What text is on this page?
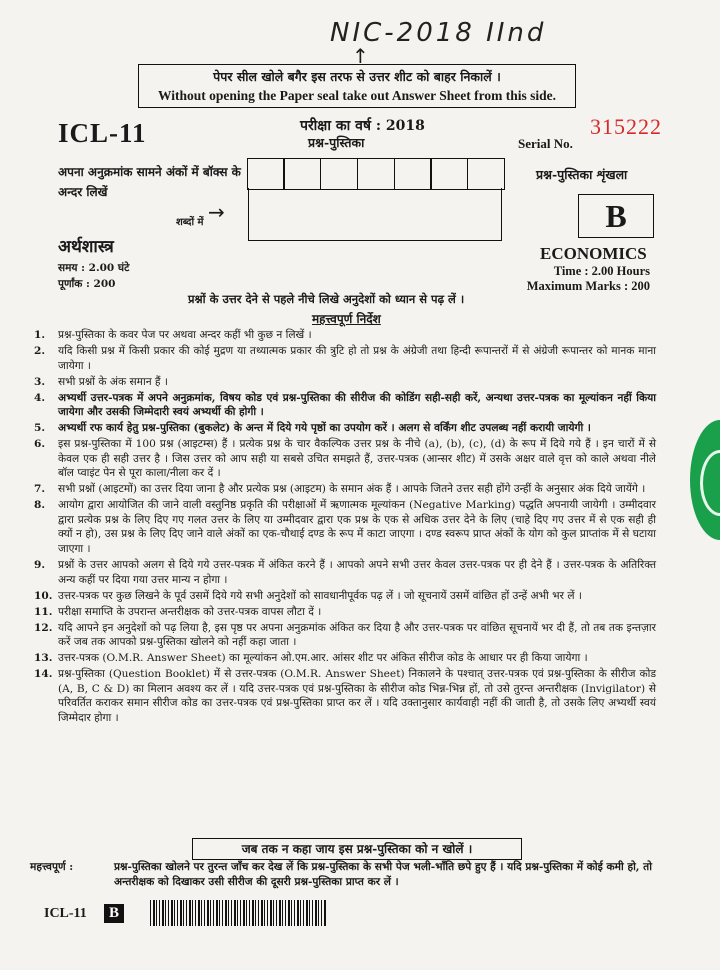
NIC-2018 IInd
↑
पेपर सील खोले बगैर इस तरफ से उत्तर शीट को बाहर निकालें ।
Without opening the Paper seal take out Answer Sheet from this side.
ICL-11	परीक्षा का वर्ष : 2018
प्रश्न-पुस्तिका	Serial No.
315222
अपना अनुक्रमांक सामने अंकों में बॉक्स के अन्दर लिखें
शब्दों में →
प्रश्न-पुस्तिका शृंखला
B
अर्थशास्त्र
समय : 2.00 घंटे
पूर्णांक : 200
ECONOMICS
Time : 2.00 Hours
Maximum Marks : 200
प्रश्नों के उत्तर देने से पहले नीचे लिखे अनुदेशों को ध्यान से पढ़ लें ।
महत्त्वपूर्ण निर्देश
1.	प्रश्न-पुस्तिका के कवर पेज पर अथवा अन्दर कहीं भी कुछ न लिखें ।
2.	यदि किसी प्रश्न में किसी प्रकार की कोई मुद्रण या तथ्यात्मक प्रकार की त्रुटि हो तो प्रश्न के अंग्रेजी तथा हिन्दी रूपान्तरों में से अंग्रेजी रूपान्तर को मानक माना जायेगा ।
3.	सभी प्रश्नों के अंक समान हैं ।
4.	अभ्यर्थी उत्तर-पत्रक में अपने अनुक्रमांक, विषय कोड एवं प्रश्न-पुस्तिका की सीरीज की कोडिंग सही-सही करें, अन्यथा उत्तर-पत्रक का मूल्यांकन नहीं किया जायेगा और उसकी जिम्मेदारी स्वयं अभ्यर्थी की होगी ।
5.	अभ्यर्थी रफ कार्य हेतु प्रश्न-पुस्तिका (बुकलेट) के अन्त में दिये गये पृष्ठों का उपयोग करें । अलग से वर्किंग शीट उपलब्ध नहीं करायी जायेगी ।
6.	इस प्रश्न-पुस्तिका में 100 प्रश्न (आइटम्स) हैं । प्रत्येक प्रश्न के चार वैकल्पिक उत्तर प्रश्न के नीचे (a), (b), (c), (d) के रूप में दिये गये हैं । इन चारों में से केवल एक ही सही उत्तर है । जिस उत्तर को आप सही या सबसे उचित समझते हैं, उत्तर-पत्रक (आन्सर शीट) में उसके अक्षर वाले वृत्त को काले अथवा नीले बॉल प्वाइंट पेन से पूरा काला/नीला कर दें ।
7.	सभी प्रश्नों (आइटमों) का उत्तर दिया जाना है और प्रत्येक प्रश्न (आइटम) के समान अंक हैं । आपके जितने उत्तर सही होंगे उन्हीं के अनुसार अंक दिये जायेंगे ।
8.	आयोग द्वारा आयोजित की जाने वाली वस्तुनिष्ठ प्रकृति की परीक्षाओं में ऋणात्मक मूल्यांकन (Negative Marking) पद्धति अपनायी जायेगी । उम्मीदवार द्वारा प्रत्येक प्रश्न के लिए दिए गए गलत उत्तर के लिए या उम्मीदवार द्वारा एक प्रश्न के एक से अधिक उत्तर देने के लिए (चाहे दिए गए उत्तर में से एक सही ही क्यों न हो), उस प्रश्न के लिए दिए जाने वाले अंकों का एक-चौथाई दण्ड के रूप में काटा जाएगा । दण्ड स्वरूप प्राप्त अंकों के योग को कुल प्राप्तांक में से घटाया जाएगा ।
9.	प्रश्नों के उत्तर आपको अलग से दिये गये उत्तर-पत्रक में अंकित करने हैं । आपको अपने सभी उत्तर केवल उत्तर-पत्रक पर ही देने हैं । उत्तर-पत्रक के अतिरिक्त अन्य कहीं पर दिया गया उत्तर मान्य न होगा ।
10. उत्तर-पत्रक पर कुछ लिखने के पूर्व उसमें दिये गये सभी अनुदेशों को सावधानीपूर्वक पढ़ लें । जो सूचनायें उसमें वांछित हों उन्हें अभी भर लें ।
11. परीक्षा समाप्ति के उपरान्त अन्तरीक्षक को उत्तर-पत्रक वापस लौटा दें ।
12. यदि आपने इन अनुदेशों को पढ़ लिया है, इस पृष्ठ पर अपना अनुक्रमांक अंकित कर दिया है और उत्तर-पत्रक पर वांछित सूचनायें भर दी हैं, तो तब तक इन्तज़ार करें जब तक आपको प्रश्न-पुस्तिका खोलने को नहीं कहा जाता ।
13. उत्तर-पत्रक (O.M.R. Answer Sheet) का मूल्यांकन ओ.एम.आर. आंसर शीट पर अंकित सीरीज कोड के आधार पर ही किया जायेगा ।
14. प्रश्न-पुस्तिका (Question Booklet) में से उत्तर-पत्रक (O.M.R. Answer Sheet) निकालने के पश्चात् उत्तर-पत्रक एवं प्रश्न-पुस्तिका के सीरीज कोड (A, B, C & D) का मिलान अवश्य कर लें । यदि उत्तर-पत्रक एवं प्रश्न-पुस्तिका के सीरीज कोड भिन्न-भिन्न हों, तो उसे तुरन्त अन्तरीक्षक (Invigilator) से परिवर्तित कराकर समान सीरीज कोड का उत्तर-पत्रक एवं प्रश्न-पुस्तिका प्राप्त कर लें । यदि उक्तानुसार कार्यवाही नहीं की जाती है, तो उसके लिए अभ्यर्थी स्वयं जिम्मेदार होगा ।
जब तक न कहा जाय इस प्रश्न-पुस्तिका को न खोलें ।
महत्त्वपूर्ण :	प्रश्न-पुस्तिका खोलने पर तुरन्त जाँच कर देख लें कि प्रश्न-पुस्तिका के सभी पेज भली-भाँति छपे हुए हैं । यदि प्रश्न-पुस्तिका में कोई कमी हो, तो अन्तरीक्षक को दिखाकर उसी सीरीज की दूसरी प्रश्न-पुस्तिका प्राप्त कर लें ।
ICL-11	B
